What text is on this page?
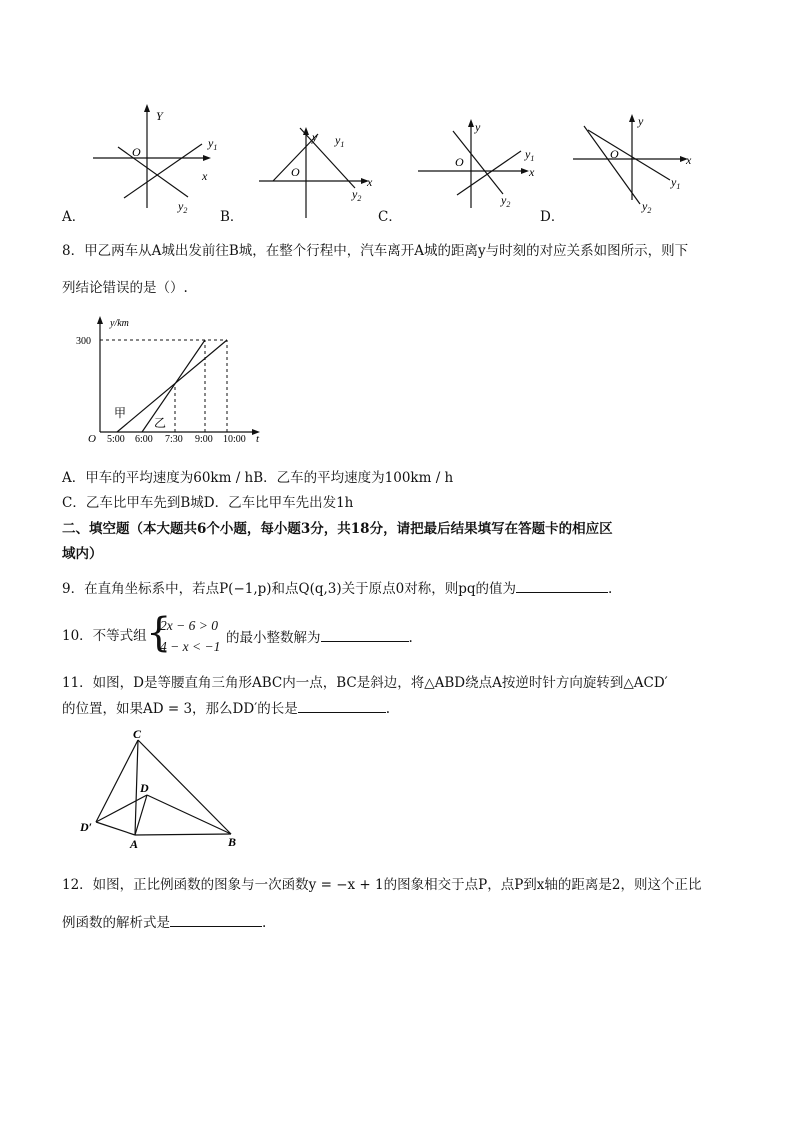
Y
x
O
$y_1$
$y_2$
A．
y
x
O
$y_1$
$y_2$
B．
y
x
O
$y_1$
$y_2$
C．
y
x
O
$y_1$
$y_2$
D．
8．甲乙两车从A城出发前往B城，在整个行程中，汽车离开A城的距离y与时刻的对应关系如图所示，则下
列结论错误的是（）.
y/km
300
O	t
5:00 6:00 7:30 9:00 10:00
甲
乙
A．甲车的平均速度为60km / hB．乙车的平均速度为100km / h
C．乙车比甲车先到B城D．乙车比甲车先出发1h
二、填空题（本大题共6个小题，每小题3分，共18分，请把最后结果填写在答题卡的相应区
域内）
9．在直角坐标系中，若点P(−1,p)和点Q(q,3)关于原点0对称，则pq的值为	.
10．不等式组 {
2x − 6 > 0
4 − x < −1
的最小整数解为	.
11．如图，D是等腰直角三角形ABC内一点，BC是斜边，将△ABD绕点A按逆时针方向旋转到△ACD′
的位置，如果AD = 3，那么DD′的长是	.
C
D
D′
A	B
12．如图，正比例函数的图象与一次函数y = −x + 1的图象相交于点P，点P到x轴的距离是2，则这个正比
例函数的解析式是	.
